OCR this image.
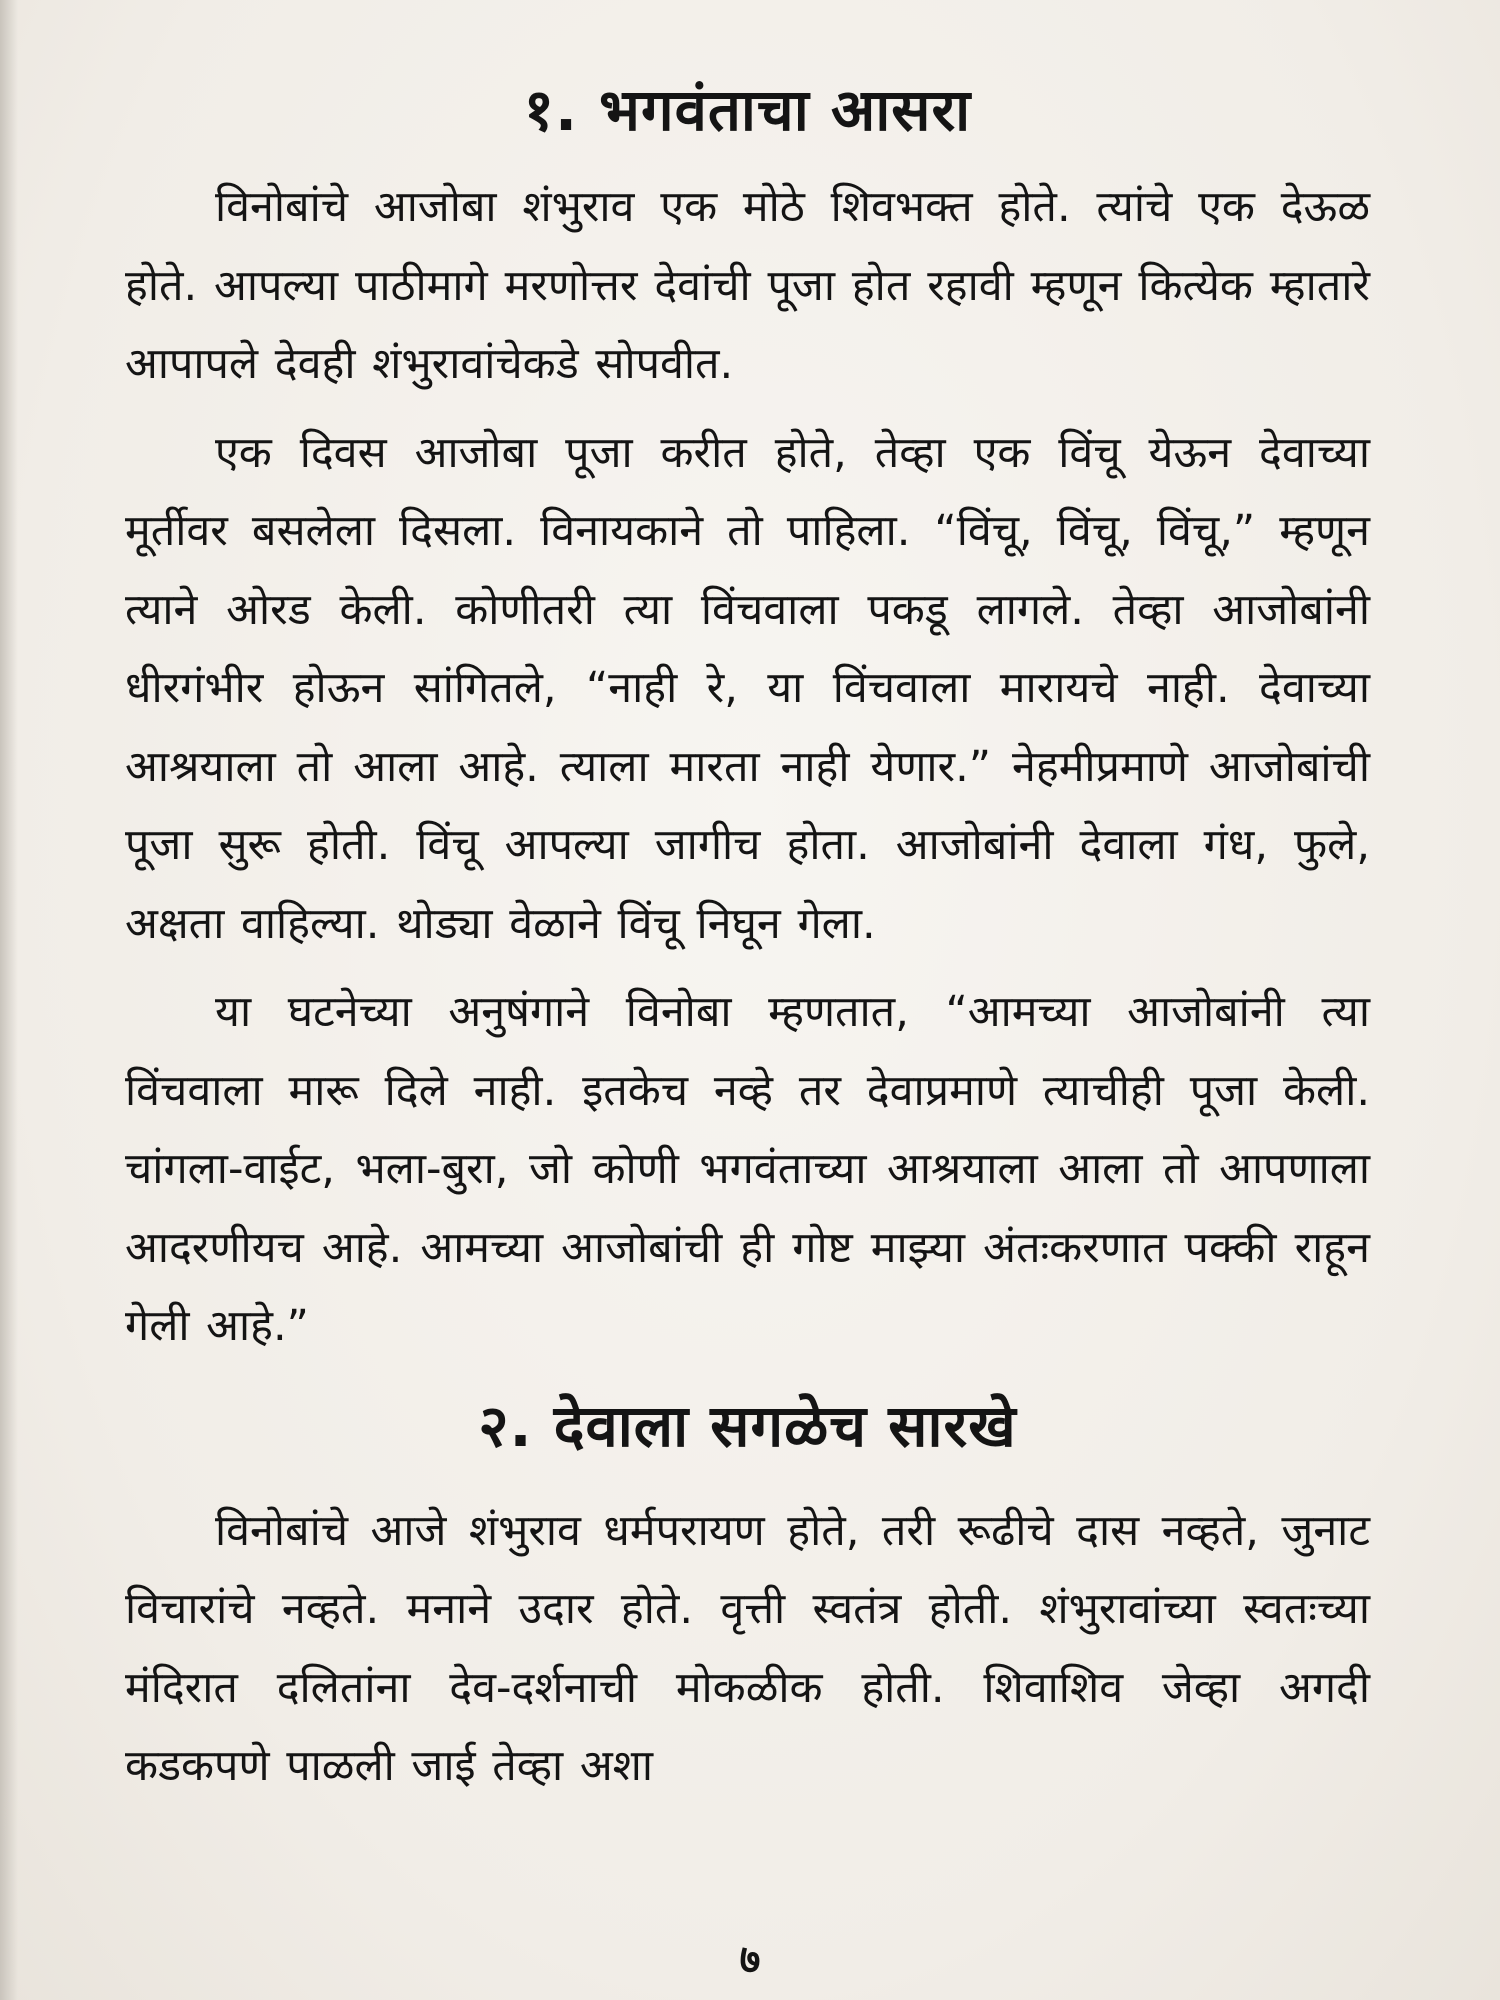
१. भगवंताचा आसरा

विनोबांचे आजोबा शंभुराव एक मोठे शिवभक्त होते. त्यांचे एक देऊळ होते. आपल्या पाठीमागे मरणोत्तर देवांची पूजा होत रहावी म्हणून कित्येक म्हातारे आपापले देवही शंभुरावांचेकडे सोपवीत.

एक दिवस आजोबा पूजा करीत होते, तेव्हा एक विंचू येऊन देवाच्या मूर्तीवर बसलेला दिसला. विनायकाने तो पाहिला. “विंचू, विंचू, विंचू,” म्हणून त्याने ओरड केली. कोणीतरी त्या विंचवाला पकडू लागले. तेव्हा आजोबांनी धीरगंभीर होऊन सांगितले, “नाही रे, या विंचवाला मारायचे नाही. देवाच्या आश्रयाला तो आला आहे. त्याला मारता नाही येणार.” नेहमीप्रमाणे आजोबांची पूजा सुरू होती. विंचू आपल्या जागीच होता. आजोबांनी देवाला गंध, फुले, अक्षता वाहिल्या. थोड्या वेळाने विंचू निघून गेला.

या घटनेच्या अनुषंगाने विनोबा म्हणतात, “आमच्या आजोबांनी त्या विंचवाला मारू दिले नाही. इतकेच नव्हे तर देवाप्रमाणे त्याचीही पूजा केली. चांगला-वाईट, भला-बुरा, जो कोणी भगवंताच्या आश्रयाला आला तो आपणाला आदरणीयच आहे. आमच्या आजोबांची ही गोष्ट माझ्या अंतःकरणात पक्की राहून गेली आहे.”

२. देवाला सगळेच सारखे

विनोबांचे आजे शंभुराव धर्मपरायण होते, तरी रूढीचे दास नव्हते, जुनाट विचारांचे नव्हते. मनाने उदार होते. वृत्ती स्वतंत्र होती. शंभुरावांच्या स्वतःच्या मंदिरात दलितांना देव-दर्शनाची मोकळीक होती. शिवाशिव जेव्हा अगदी कडकपणे पाळली जाई तेव्हा अशा

७
